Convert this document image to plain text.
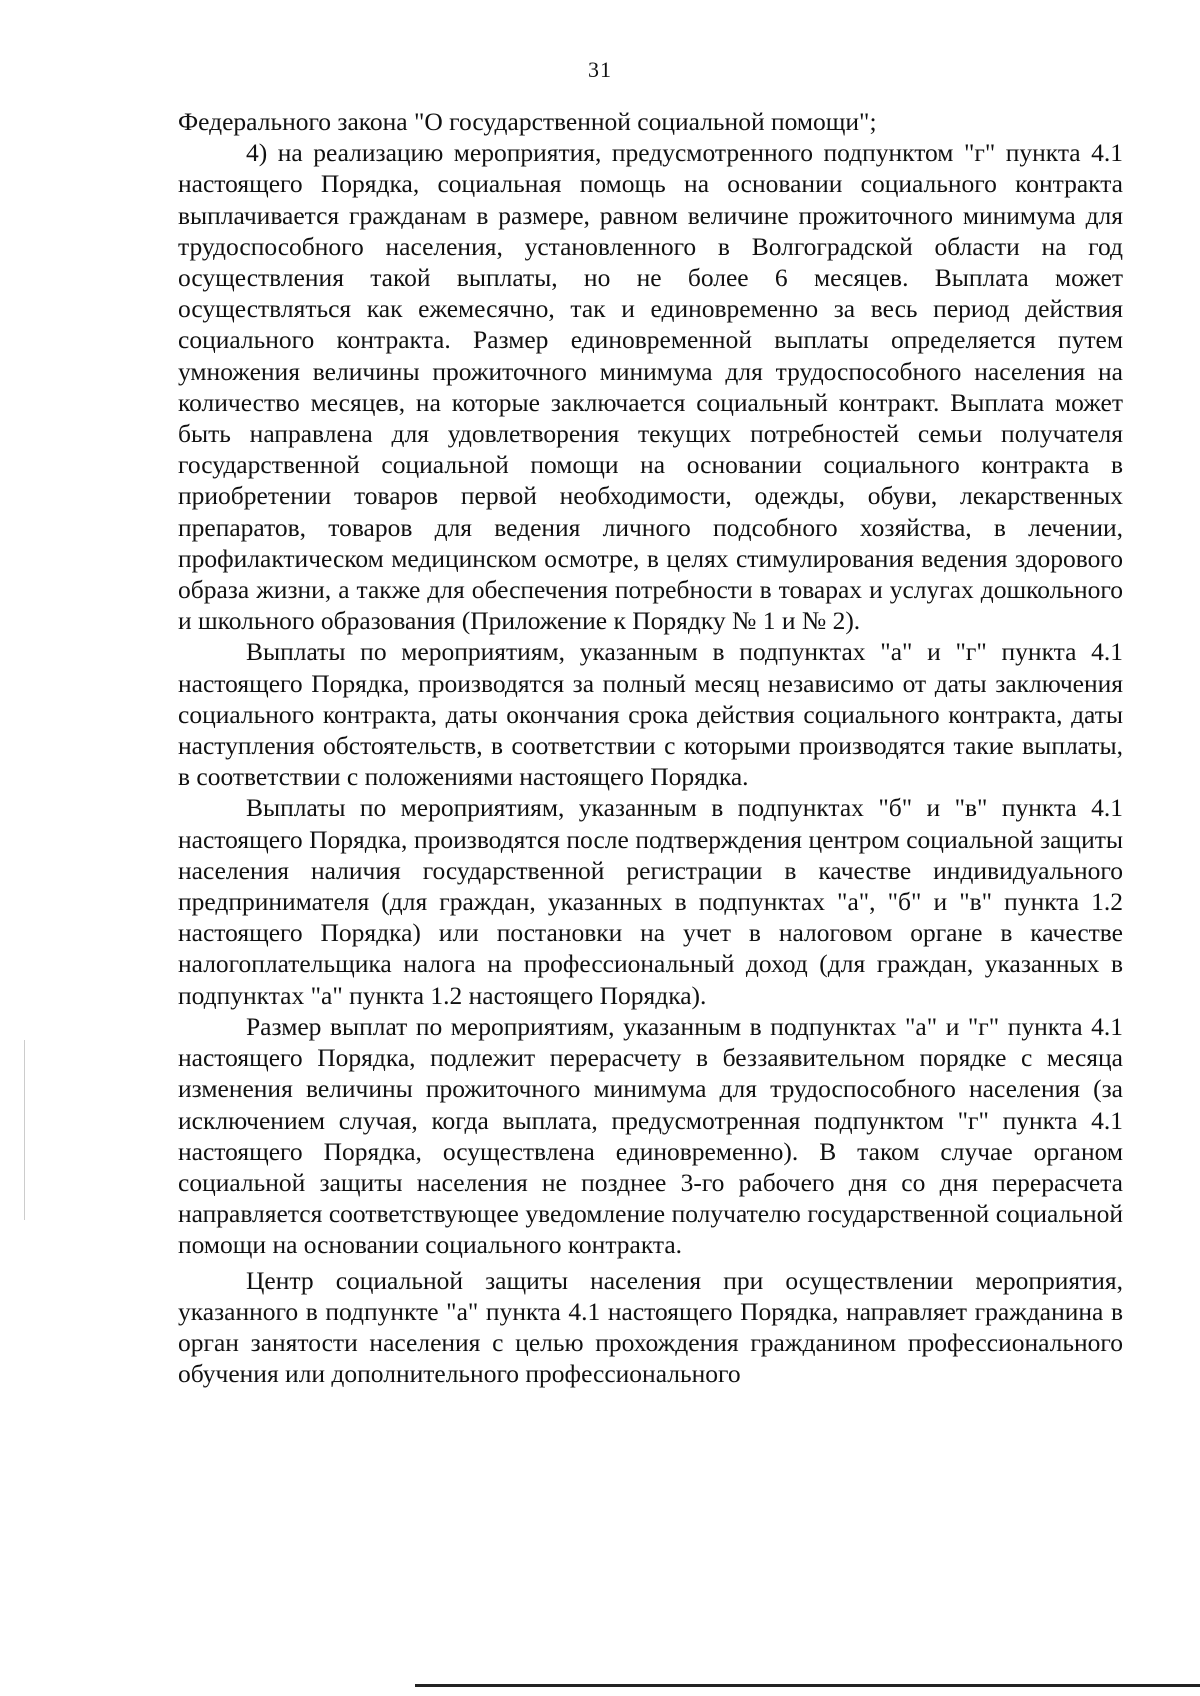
31

Федерального закона "О государственной социальной помощи";

4) на реализацию мероприятия, предусмотренного подпунктом "г" пункта 4.1 настоящего Порядка, социальная помощь на основании социального контракта выплачивается гражданам в размере, равном величине прожиточного минимума для трудоспособного населения, установленного в Волгоградской области на год осуществления такой выплаты, но не более 6 месяцев. Выплата может осуществляться как ежемесячно, так и единовременно за весь период действия социального контракта. Размер единовременной выплаты определяется путем умножения величины прожиточного минимума для трудоспособного населения на количество месяцев, на которые заключается социальный контракт. Выплата может быть направлена для удовлетворения текущих потребностей семьи получателя государственной социальной помощи на основании социального контракта в приобретении товаров первой необходимости, одежды, обуви, лекарственных препаратов, товаров для ведения личного подсобного хозяйства, в лечении, профилактическом медицинском осмотре, в целях стимулирования ведения здорового образа жизни, а также для обеспечения потребности в товарах и услугах дошкольного и школьного образования (Приложение к Порядку № 1 и № 2).

Выплаты по мероприятиям, указанным в подпунктах "а" и "г" пункта 4.1 настоящего Порядка, производятся за полный месяц независимо от даты заключения социального контракта, даты окончания срока действия социального контракта, даты наступления обстоятельств, в соответствии с которыми производятся такие выплаты, в соответствии с положениями настоящего Порядка.

Выплаты по мероприятиям, указанным в подпунктах "б" и "в" пункта 4.1 настоящего Порядка, производятся после подтверждения центром социальной защиты населения наличия государственной регистрации в качестве индивидуального предпринимателя (для граждан, указанных в подпунктах "а", "б" и "в" пункта 1.2 настоящего Порядка) или постановки на учет в налоговом органе в качестве налогоплательщика налога на профессиональный доход (для граждан, указанных в подпунктах "а" пункта 1.2 настоящего Порядка).

Размер выплат по мероприятиям, указанным в подпунктах "а" и "г" пункта 4.1 настоящего Порядка, подлежит перерасчету в беззаявительном порядке с месяца изменения величины прожиточного минимума для трудоспособного населения (за исключением случая, когда выплата, предусмотренная подпунктом "г" пункта 4.1 настоящего Порядка, осуществлена единовременно). В таком случае органом социальной защиты населения не позднее 3-го рабочего дня со дня перерасчета направляется соответствующее уведомление получателю государственной социальной помощи на основании социального контракта.

Центр социальной защиты населения при осуществлении мероприятия, указанного в подпункте "а" пункта 4.1 настоящего Порядка, направляет гражданина в орган занятости населения с целью прохождения гражданином профессионального обучения или дополнительного профессионального
